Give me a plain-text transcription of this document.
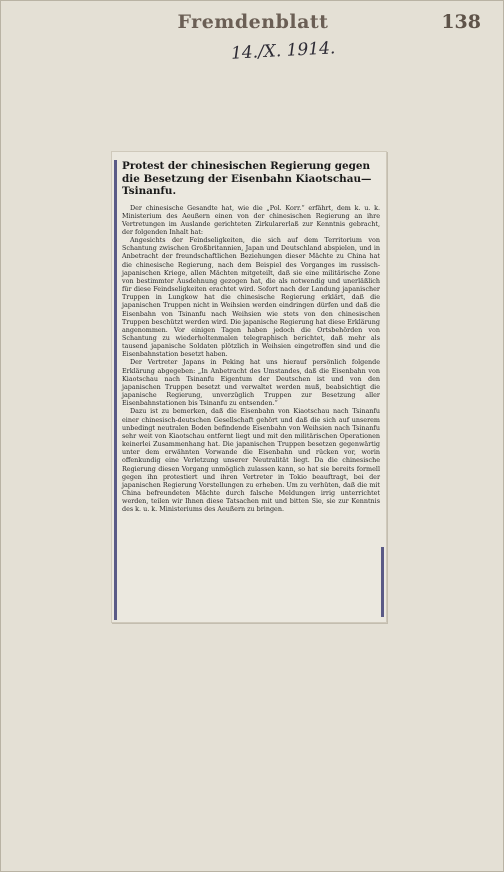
Fremdenblatt	138
14./X. 1914.
Protest der chinesischen Regierung gegen die Besetzung der Eisenbahn Kiaotschau—Tsinanfu.

Der chinesische Gesandte hat, wie die „Pol. Korr.“ erfährt, dem k. u. k. Ministerium des Aeußern einen von der chinesischen Regierung an ihre Vertretungen im Auslande gerichteten Zirkularerlaß zur Kenntnis gebracht, der folgenden Inhalt hat:

Angesichts der Feindseligkeiten, die sich auf dem Territorium von Schantung zwischen Großbritannien, Japan und Deutschland abspielen, und in Anbetracht der freundschaftlichen Beziehungen dieser Mächte zu China hat die chinesische Regierung, nach dem Beispiel des Vorganges im russisch-japanischen Kriege, allen Mächten mitgeteilt, daß sie eine militärische Zone von bestimmter Ausdehnung gezogen hat, die als notwendig und unerläßlich für diese Feindseligkeiten erachtet wird. Sofort nach der Landung japanischer Truppen in Lungkow hat die chinesische Regierung erklärt, daß die japanischen Truppen nicht in Weihsien werden eindringen dürfen und daß die Eisenbahn von Tsinanfu nach Weihsien wie stets von den chinesischen Truppen beschützt werden wird. Die japanische Regierung hat diese Erklärung angenommen. Vor einigen Tagen haben jedoch die Ortsbehörden von Schantung zu wiederholtenmalen telegraphisch berichtet, daß mehr als tausend japanische Soldaten plötzlich in Weihsien eingetroffen sind und die Eisenbahnstation besetzt haben.

Der Vertreter Japans in Peking hat uns hierauf persönlich folgende Erklärung abgegeben: „In Anbetracht des Umstandes, daß die Eisenbahn von Kiaotschau nach Tsinanfu Eigentum der Deutschen ist und von den japanischen Truppen besetzt und verwaltet werden muß, beabsichtigt die japanische Regierung, unverzüglich Truppen zur Besetzung aller Eisenbahnstationen bis Tsinanfu zu entsenden.“

Dazu ist zu bemerken, daß die Eisenbahn von Kiaotschau nach Tsinanfu einer chinesisch-deutschen Gesellschaft gehört und daß die sich auf unserem unbedingt neutralen Boden befindende Eisenbahn von Weihsien nach Tsinanfu sehr weit von Kiaotschau entfernt liegt und mit den militärischen Operationen keinerlei Zusammenhang hat. Die japanischen Truppen besetzen gegenwärtig unter dem erwähnten Vorwande die Eisenbahn und rücken vor, worin offenkundig eine Verletzung unserer Neutralität liegt. Da die chinesische Regierung diesen Vorgang unmöglich zulassen kann, so hat sie bereits formell gegen ihn protestiert und ihren Vertreter in Tokio beauftragt, bei der japanischen Regierung Vorstellungen zu erheben. Um zu verhüten, daß die mit China befreundeten Mächte durch falsche Meldungen irrig unterrichtet werden, teilen wir Ihnen diese Tatsachen mit und bitten Sie, sie zur Kenntnis des k. u. k. Ministeriums des Aeußern zu bringen.
